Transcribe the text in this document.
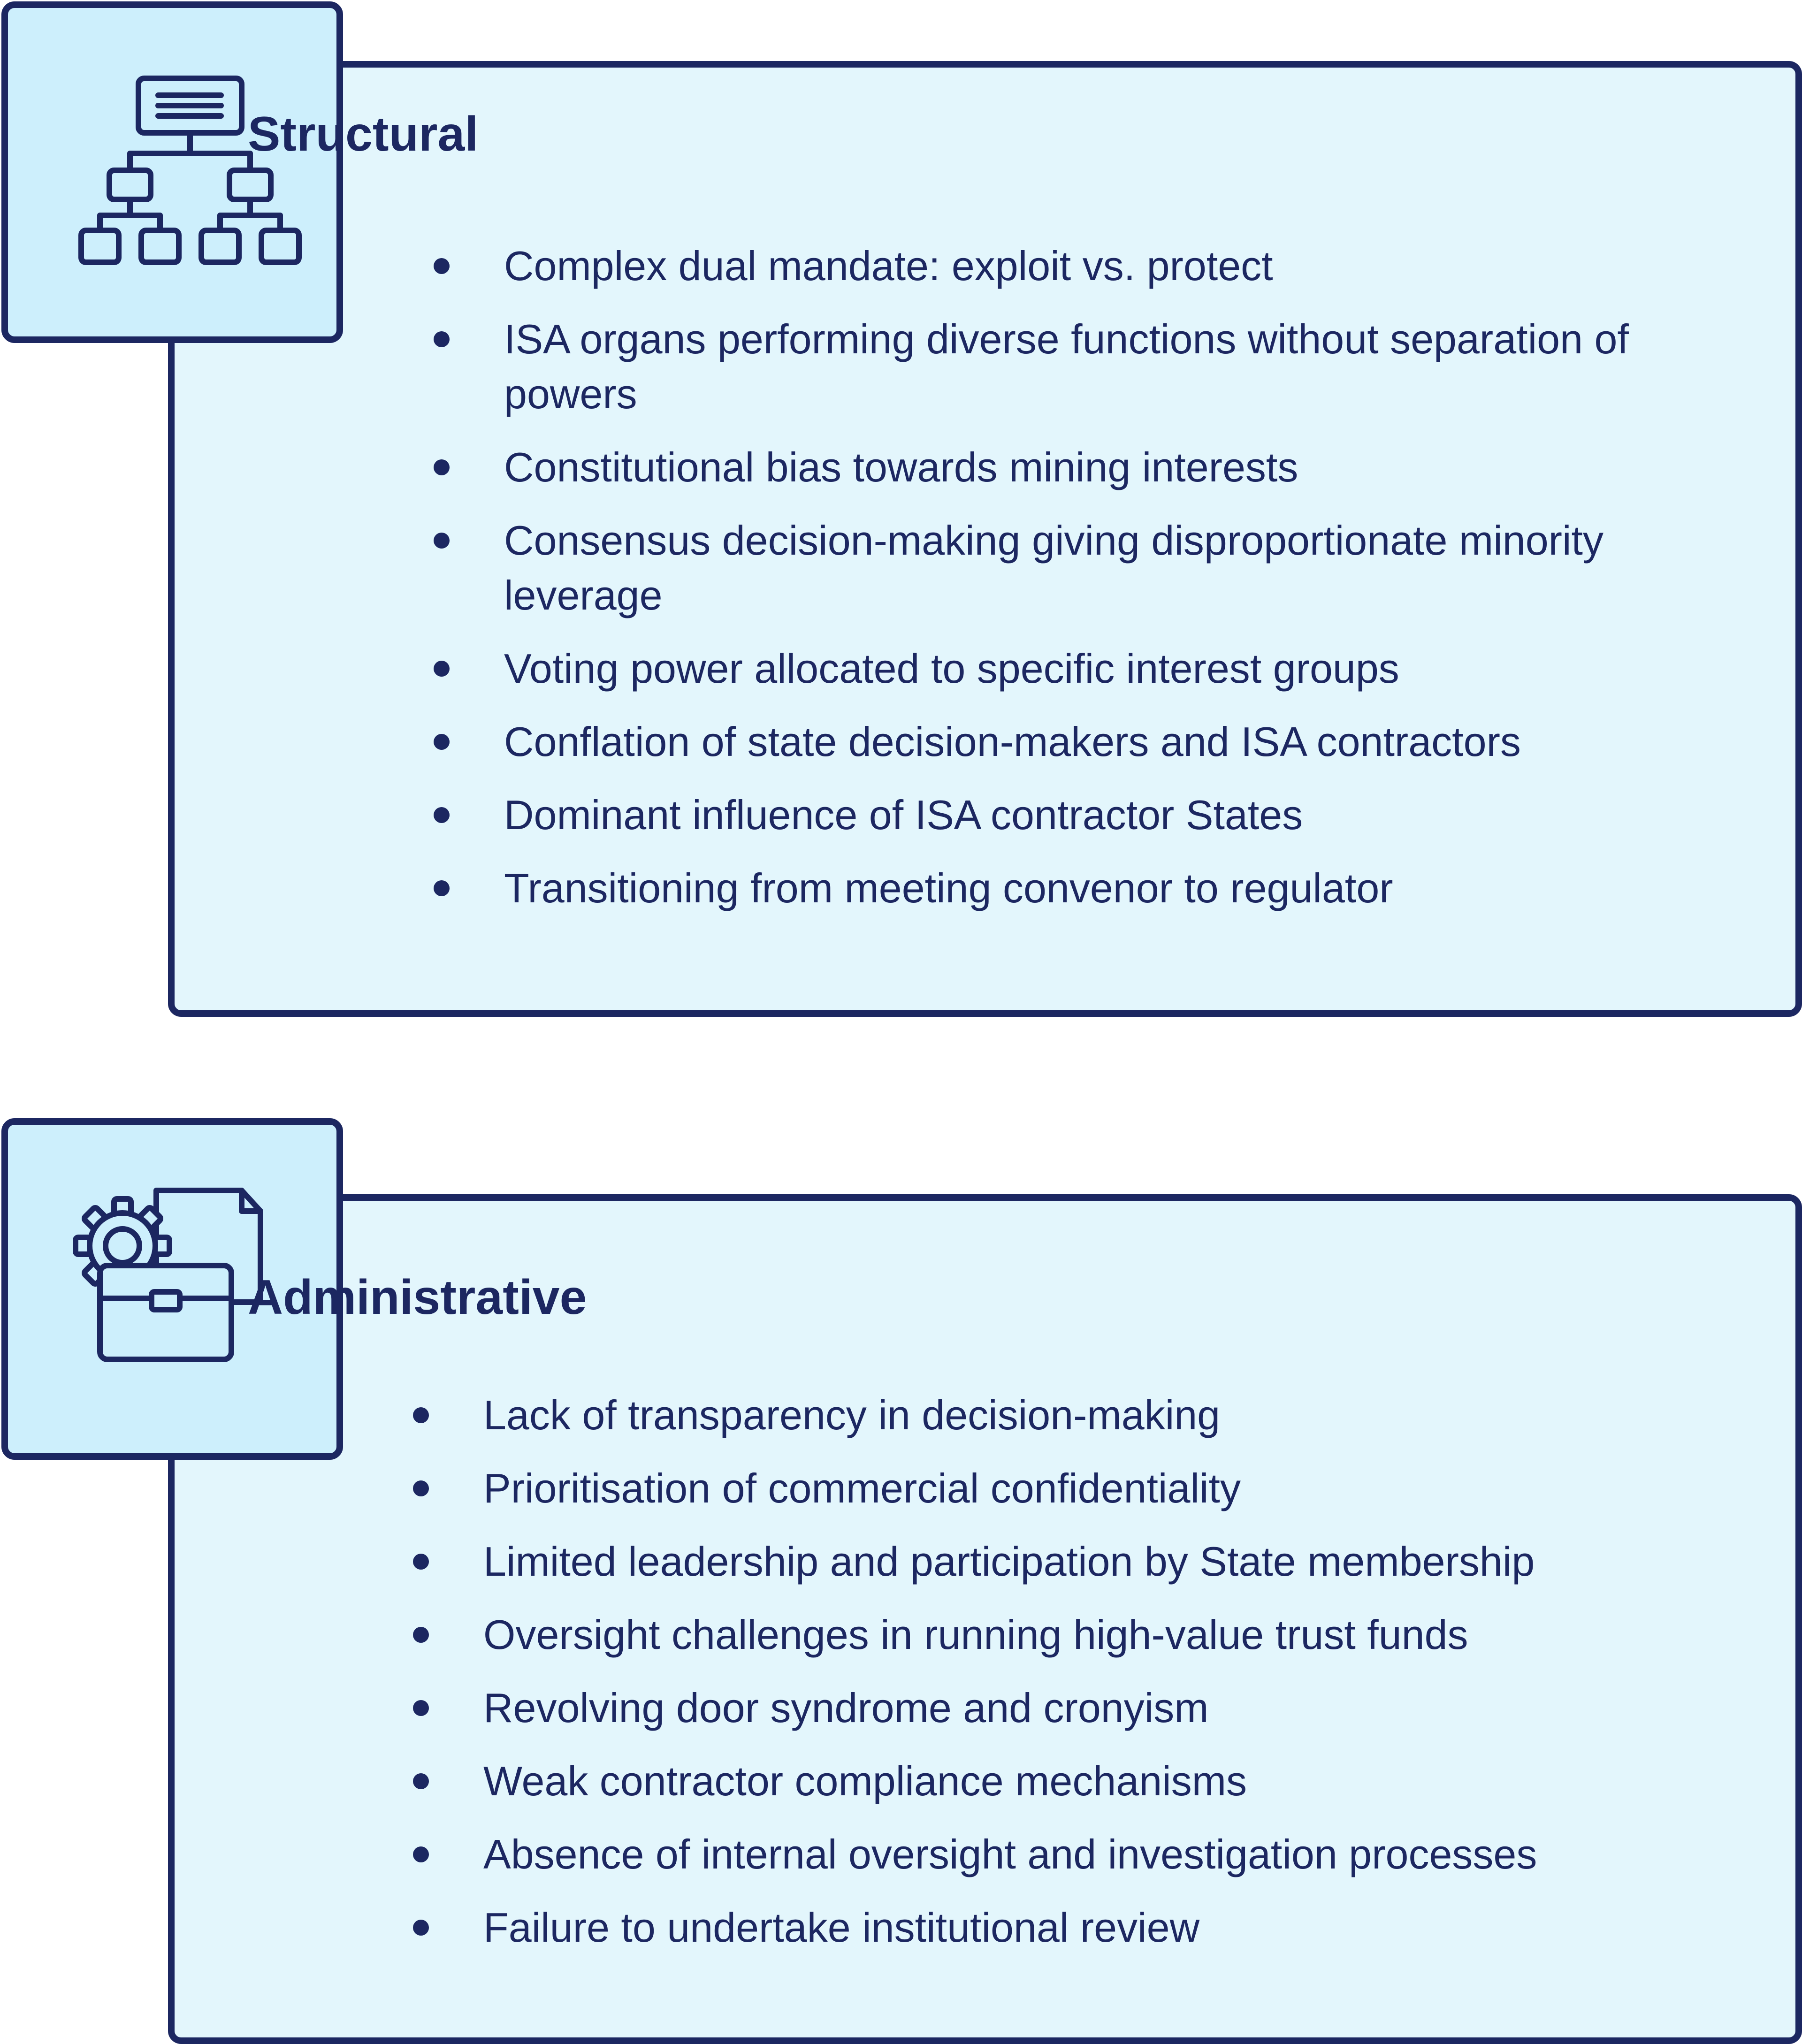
Structural
Complex dual mandate: exploit vs. protect
ISA organs performing diverse functions without separation of powers
Constitutional bias towards mining interests
Consensus decision-making giving disproportionate minority leverage
Voting power allocated to specific interest groups
Conflation of state decision-makers and ISA contractors
Dominant influence of ISA contractor States
Transitioning from meeting convenor to regulator
Administrative
Lack of transparency in decision-making
Prioritisation of commercial confidentiality
Limited leadership and participation by State membership
Oversight challenges in running high-value trust funds
Revolving door syndrome and cronyism
Weak contractor compliance mechanisms
Absence of internal oversight and investigation processes
Failure to undertake institutional review
